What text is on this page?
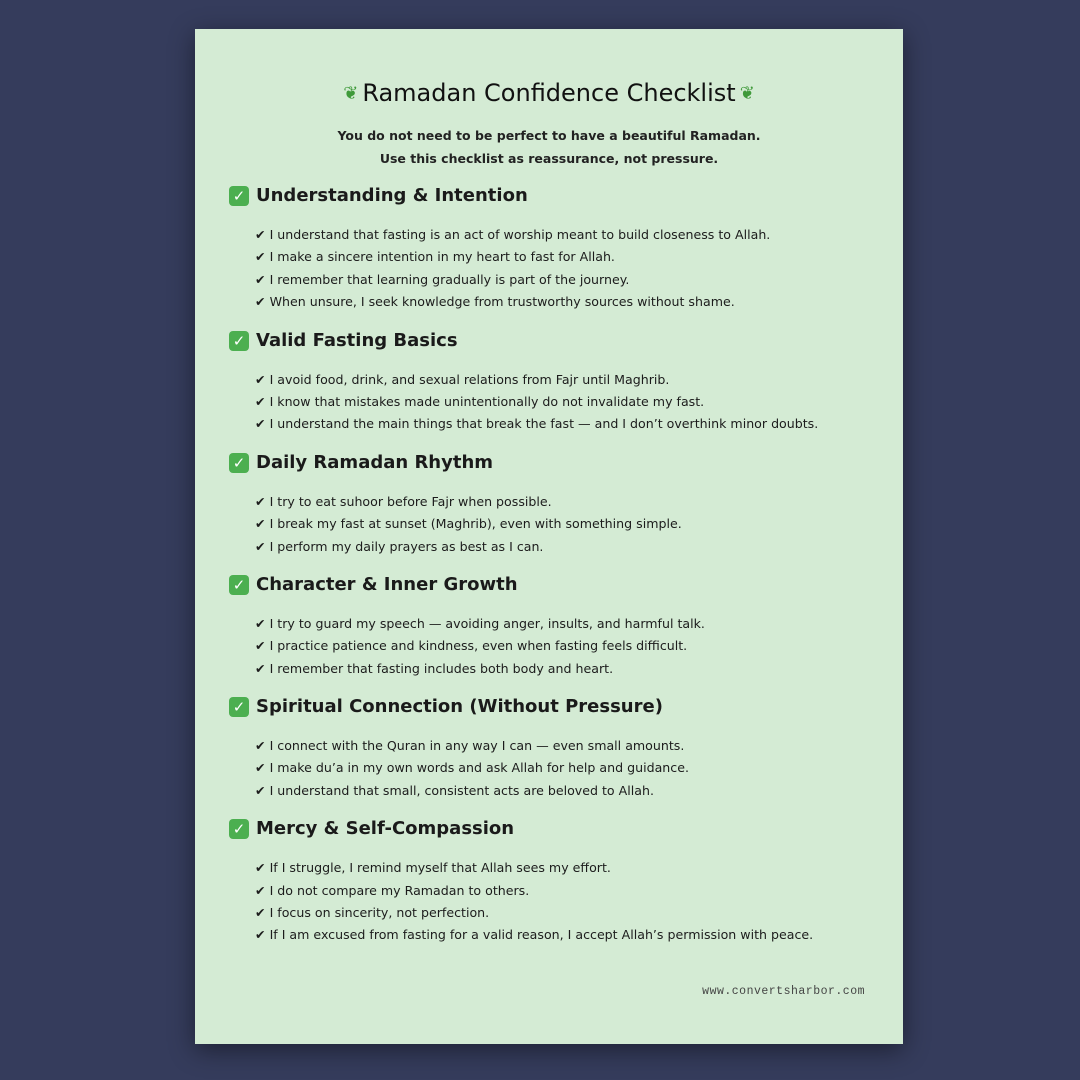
❦ Ramadan Confidence Checklist ❦
You do not need to be perfect to have a beautiful Ramadan.
Use this checklist as reassurance, not pressure.
✓ Understanding & Intention
✔ I understand that fasting is an act of worship meant to build closeness to Allah.
✔ I make a sincere intention in my heart to fast for Allah.
✔ I remember that learning gradually is part of the journey.
✔ When unsure, I seek knowledge from trustworthy sources without shame.
✓ Valid Fasting Basics
✔ I avoid food, drink, and sexual relations from Fajr until Maghrib.
✔ I know that mistakes made unintentionally do not invalidate my fast.
✔ I understand the main things that break the fast — and I don’t overthink minor doubts.
✓ Daily Ramadan Rhythm
✔ I try to eat suhoor before Fajr when possible.
✔ I break my fast at sunset (Maghrib), even with something simple.
✔ I perform my daily prayers as best as I can.
✓ Character & Inner Growth
✔ I try to guard my speech — avoiding anger, insults, and harmful talk.
✔ I practice patience and kindness, even when fasting feels difficult.
✔ I remember that fasting includes both body and heart.
✓ Spiritual Connection (Without Pressure)
✔ I connect with the Quran in any way I can — even small amounts.
✔ I make du’a in my own words and ask Allah for help and guidance.
✔ I understand that small, consistent acts are beloved to Allah.
✓ Mercy & Self-Compassion
✔ If I struggle, I remind myself that Allah sees my effort.
✔ I do not compare my Ramadan to others.
✔ I focus on sincerity, not perfection.
✔ If I am excused from fasting for a valid reason, I accept Allah’s permission with peace.
www.convertsharbor.com
